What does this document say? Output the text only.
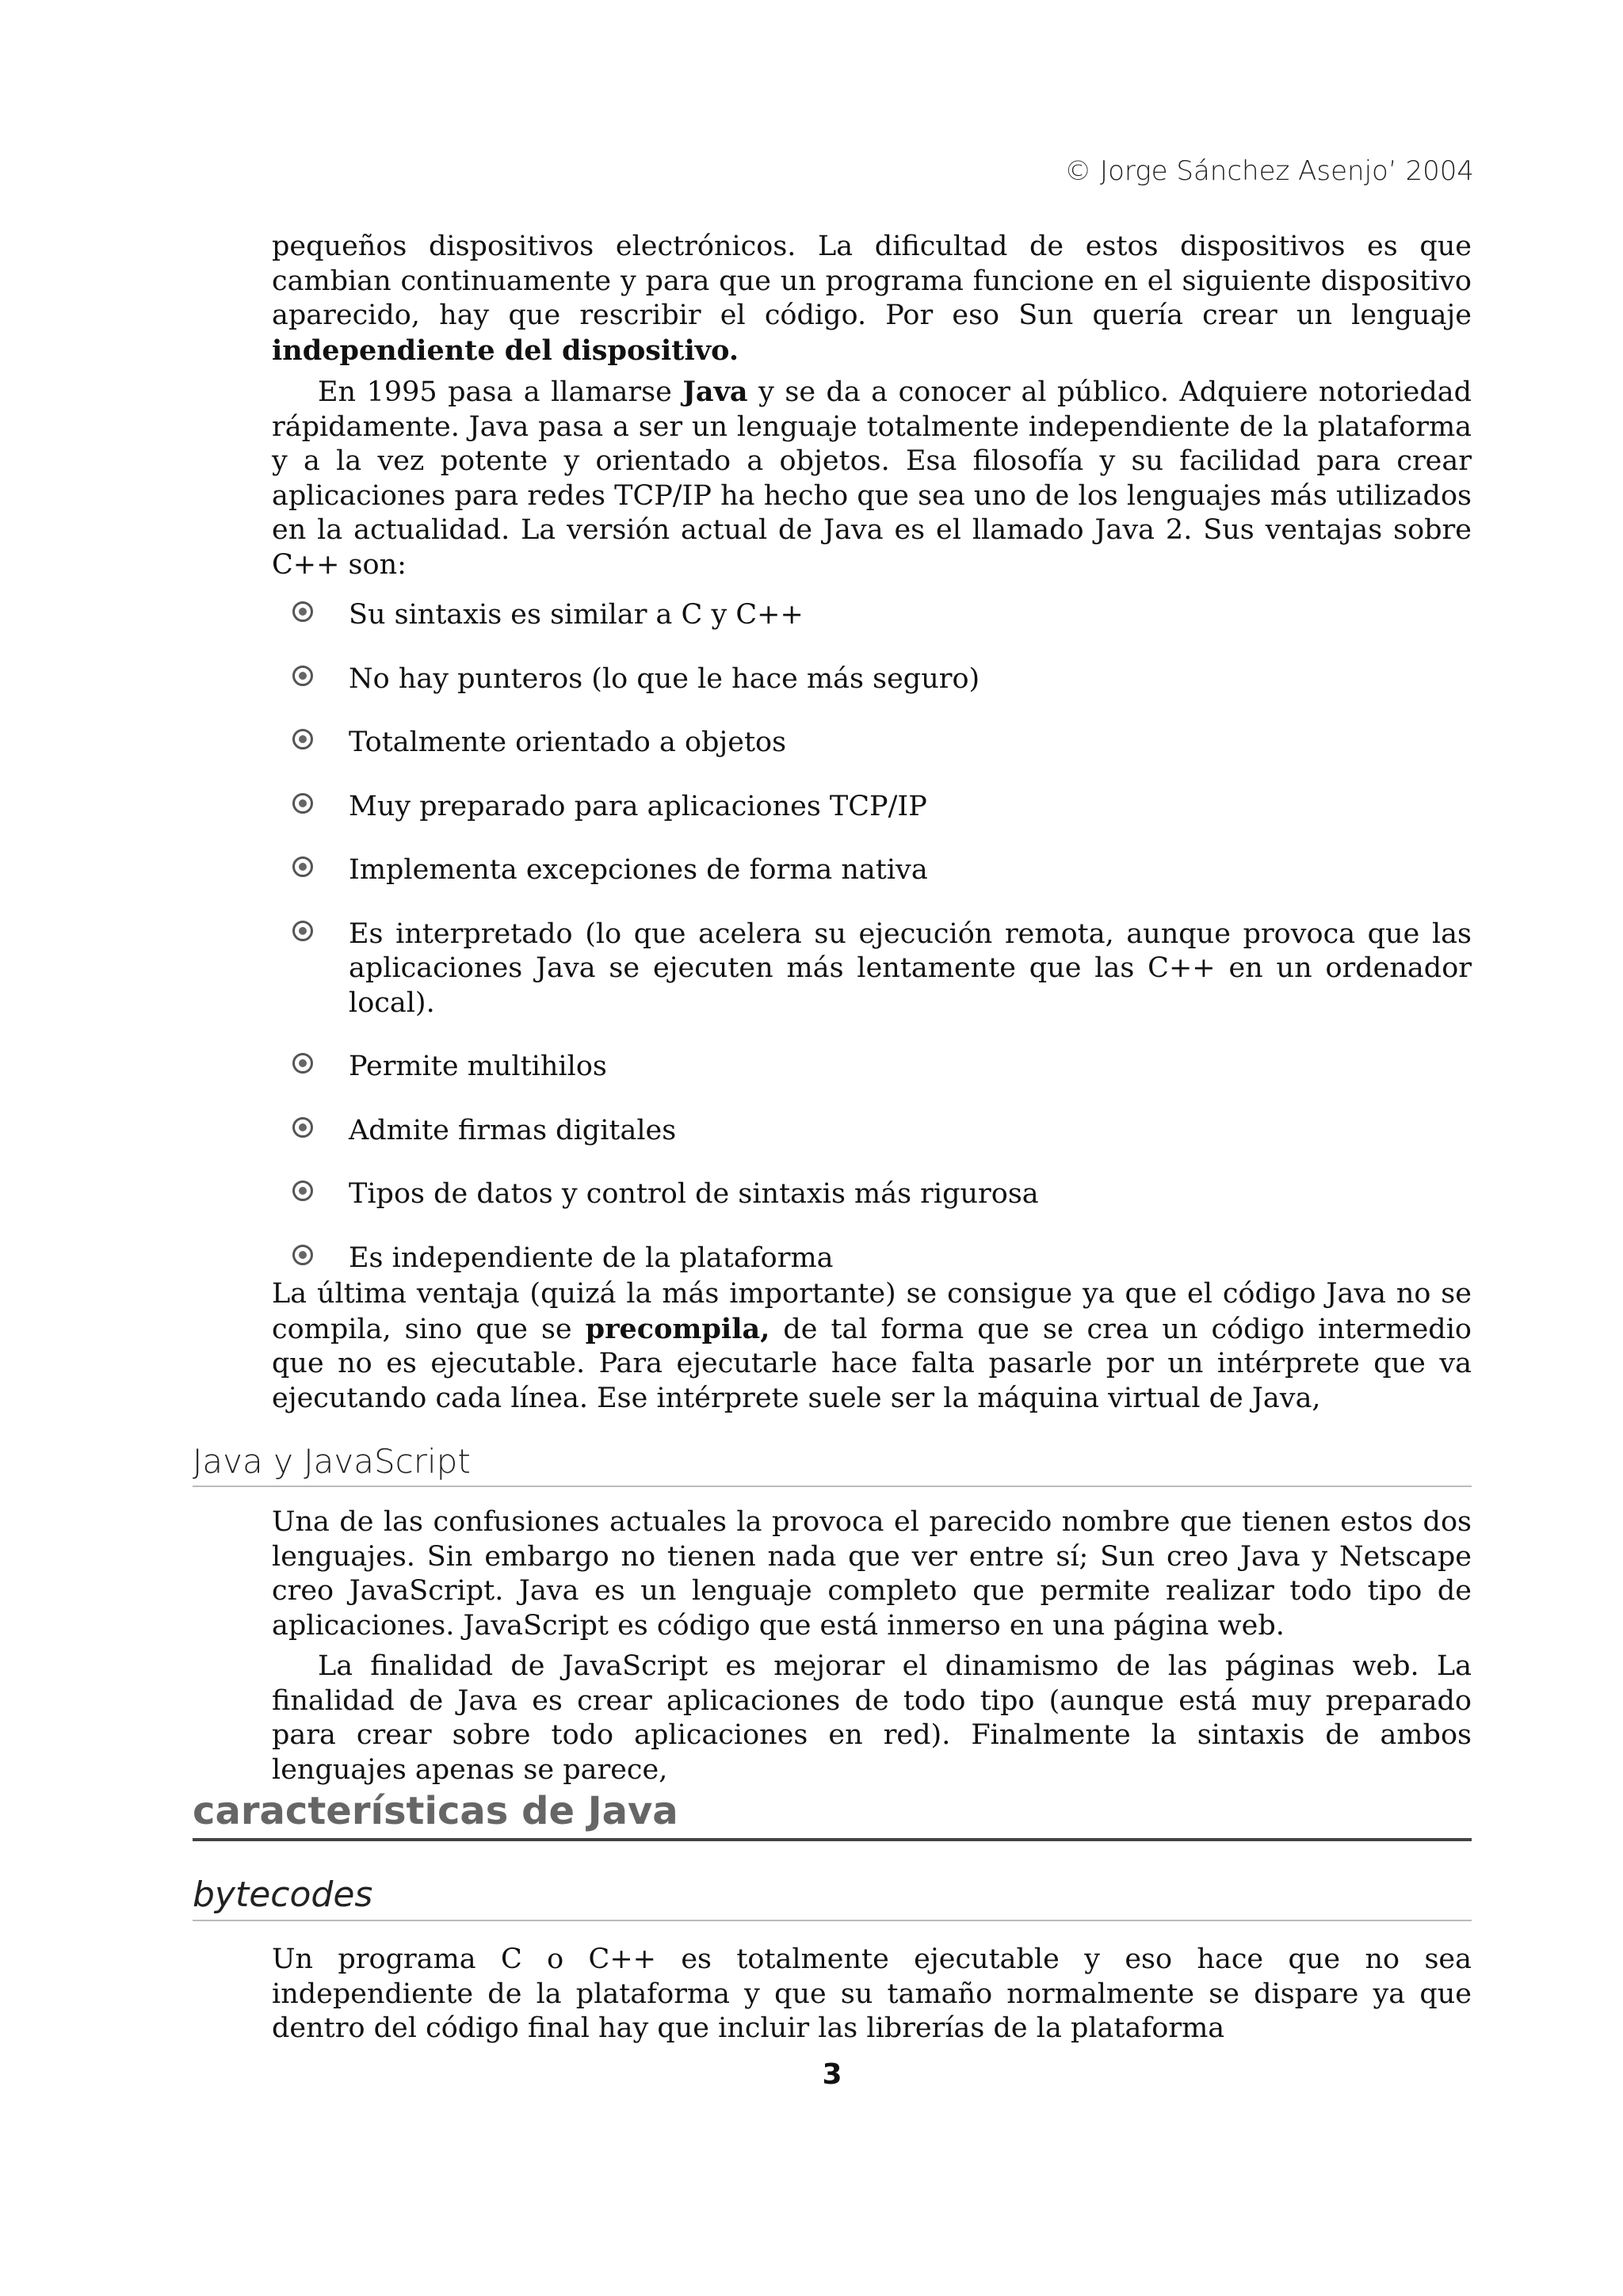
© Jorge Sánchez Asenjo’ 2004

pequeños dispositivos electrónicos. La dificultad de estos dispositivos es que cambian continuamente y para que un programa funcione en el siguiente dispositivo aparecido, hay que rescribir el código. Por eso Sun quería crear un lenguaje independiente del dispositivo.

En 1995 pasa a llamarse Java y se da a conocer al público. Adquiere notoriedad rápidamente. Java pasa a ser un lenguaje totalmente independiente de la plataforma y a la vez potente y orientado a objetos. Esa filosofía y su facilidad para crear aplicaciones para redes TCP/IP ha hecho que sea uno de los lenguajes más utilizados en la actualidad. La versión actual de Java es el llamado Java 2. Sus ventajas sobre C++ son:

Su sintaxis es similar a C y C++
No hay punteros (lo que le hace más seguro)
Totalmente orientado a objetos
Muy preparado para aplicaciones TCP/IP
Implementa excepciones de forma nativa
Es interpretado (lo que acelera su ejecución remota, aunque provoca que las aplicaciones Java se ejecuten más lentamente que las C++ en un ordenador local).
Permite multihilos
Admite firmas digitales
Tipos de datos y control de sintaxis más rigurosa
Es independiente de la plataforma

La última ventaja (quizá la más importante) se consigue ya que el código Java no se compila, sino que se precompila, de tal forma que se crea un código intermedio que no es ejecutable. Para ejecutarle hace falta pasarle por un intérprete que va ejecutando cada línea. Ese intérprete suele ser la máquina virtual de Java,

Java y JavaScript

Una de las confusiones actuales la provoca el parecido nombre que tienen estos dos lenguajes. Sin embargo no tienen nada que ver entre sí; Sun creo Java y Netscape creo JavaScript. Java es un lenguaje completo que permite realizar todo tipo de aplicaciones. JavaScript es código que está inmerso en una página web.

La finalidad de JavaScript es mejorar el dinamismo de las páginas web. La finalidad de Java es crear aplicaciones de todo tipo (aunque está muy preparado para crear sobre todo aplicaciones en red). Finalmente la sintaxis de ambos lenguajes apenas se parece,

características de Java
bytecodes

Un programa C o C++ es totalmente ejecutable y eso hace que no sea independiente de la plataforma y que su tamaño normalmente se dispare ya que dentro del código final hay que incluir las librerías de la plataforma

3
